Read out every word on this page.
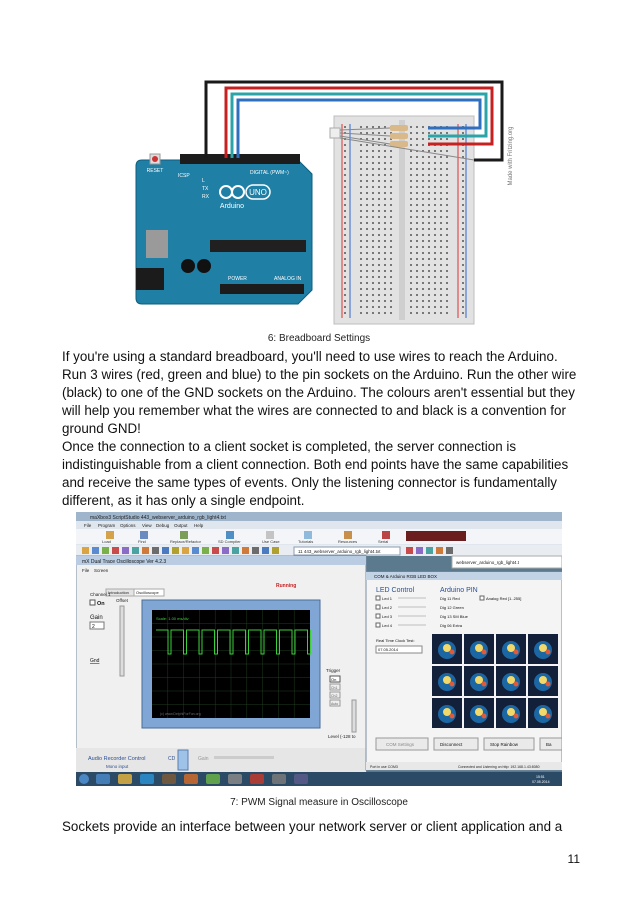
UNO
Arduino
RESET
ICSP	DIGITAL (PWM~)
POWER	ANALOG IN
TX
RX
L	Made with Fritzing.org
6: Breadboard Settings

If you're using a standard breadboard, you'll need to use wires to reach the Arduino. Run 3 wires (red, green and blue) to the pin sockets on the Arduino. Run the other wire (black) to one of the GND sockets on the Arduino. The colours aren't essential but they will help you remember what the wires are connected to and black is a convention for ground GND!

Once the connection to a client socket is completed, the server connection is indistinguishable from a client connection. Both end points have the same capabilities and receive the same types of events. Only the listening connector is fundamentally different, as it has only a single endpoint.

maXbox3 ScriptStudio 443_webserver_arduino_rgb_light4.txt
File Program Options View Debug Output Help
Load	Find	Replace/Refactor	SD Compiler	Use Case	Tutorials	Resources	Serial
11 443_webserver_arduino_rgb_light4.txt
mX Dual Trace Oscilloscope Ver 4.2.3
File Screen
Introduction Oscilloscope
Running
Channel 1
On
Offset
Gain
2
Gnd
Scale: 1.00 ms/div
(c) www.DelphiForFun.org
Trigger
On
Ch1
Ch2
Auto
Level (-128 to
Audio Recorder Control
Mono input
CD	Gain
COM & Arduino RGB LED BOX
webserver_arduino_rgb_light4.t
LED Control	Arduino PIN
Led 1	Dig 11 Red
Led 2	Dig 12 Green
Led 3	Dig 13 SM Blue
Led 4	Dig 06 Extra
Analog Red [1..255]
Real Time Clock Test:
07.05.2014
COM Settings	Disconnect	Stop Rainbow	Ba
Port in use COM3	Connected and Listening on http: 192.168.1.43:8080
15:51
07.05.2014
7: PWM Signal measure in Oscilloscope

Sockets provide an interface between your network server or client application and a

11
